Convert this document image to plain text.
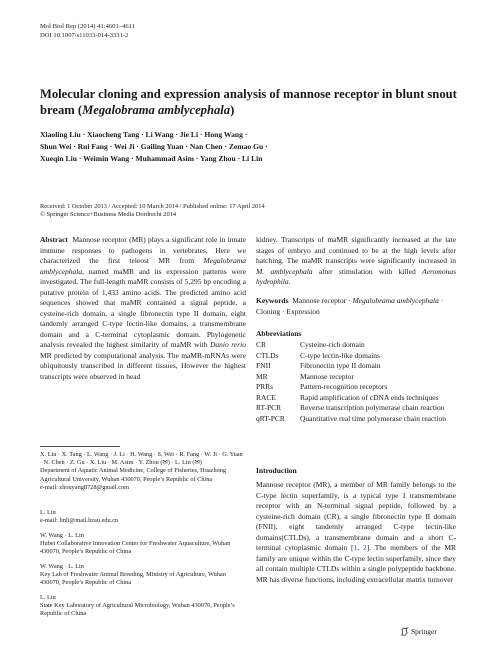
Mol Biol Rep (2014) 41:4601–4611
DOI 10.1007/s11033-014-3331-2
Molecular cloning and expression analysis of mannose receptor in blunt snout bream (Megalobrama amblycephala)
Xiaoling Liu · Xiaocheng Tang · Li Wang · Jie Li · Hong Wang ·
Shun Wei · Rui Fang · Wei Ji · Gailing Yuan · Nan Chen · Zemao Gu ·
Xueqin Liu · Weimin Wang · Muhammad Asim · Yang Zhou · Li Lin
Received: 1 October 2013 / Accepted: 10 March 2014 / Published online: 17 April 2014
© Springer Science+Business Media Dordrecht 2014
Abstract Mannose receptor (MR) plays a significant role in innate immune responses to pathogens in vertebrates. Here we characterized the first teleost MR from Megalobrama amblycephala, named maMR and its expression patterns were investigated. The full-length maMR consists of 5,295 bp encoding a putative protein of 1,433 amino acids. The predicted amino acid sequences showed that maMR contained a signal peptide, a cysteine-rich domain, a single fibronectin type II domain, eight tandemly arranged C-type lectin-like domains, a transmembrane domain and a C-terminal cytoplasmic domain. Phylogenetic analysis revealed the highest similarity of maMR with Danio rerio MR predicted by computational analysis. The maMR-mRNAs were ubiquitously transcribed in different tissues, However the highest transcripts were observed in head
kidney. Transcripts of maMR significantly increased at the late stages of embryo and continued to be at the high levels after hatching. The maMR transcripts were significantly increased in M. amblycephala after stimulation with killed Aeromonas hydrophila.
Keywords Mannose receptor · Megalobrama amblycephala · Cloning · Expression
Abbreviations
CR	Cysteine-rich domain
CTLDs	C-type lectin-like domains
FNII	Fibronectin type II domain
MR	Mannose receptor
PRRs	Pattern-recognition receptors
RACE	Rapid amplification of cDNA ends techniques
RT-PCR	Reverse transcription polymerase chain reaction
qRT-PCR	Quantitative real time polymerase chain reaction
X. Liu · X. Tang · L. Wang · J. Li · H. Wang · S. Wei · R. Fang · W. Ji · G. Yuan · N. Chen · Z. Gu · X. Liu · M. Asim · Y. Zhou (✉) · L. Lin (✉)
Department of Aquatic Animal Medicine, College of Fisheries, Huazhong Agricultural University, Wuhan 430070, People’s Republic of China
e-mail: zhouyang8728@gmail.com
L. Lin
e-mail: linli@mail.hzau.edu.cn
W. Wang · L. Lin
Hubei Collaborative Innovation Center for Freshwater Aquaculture, Wuhan 430070, People’s Republic of China
W. Wang · L. Lin
Key Lab of Freshwater Animal Breeding, Ministry of Agriculture, Wuhan 430070, People’s Republic of China
L. Lin
State Key Laboratory of Agricultural Microbiology, Wuhan 430070, People’s Republic of China
Introduction
Mannose receptor (MR), a member of MR family belongs to the C-type lectin superfamily, is a typical type I transmembrane receptor with an N-terminal signal peptide, followed by a cysteine-rich domain (CR), a single fibronectin type II domain (FNII), eight tandemly arranged C-type lectin-like domains(CTLDs), a transmembrane domain and a short C-terminal cytoplasmic domain [1, 2]. The members of the MR family are unique within the C-type lectin superfamily, since they all contain multiple CTLDs within a single polypeptide backbone. MR has diverse functions, including extracellular matrix turnover
Springer
